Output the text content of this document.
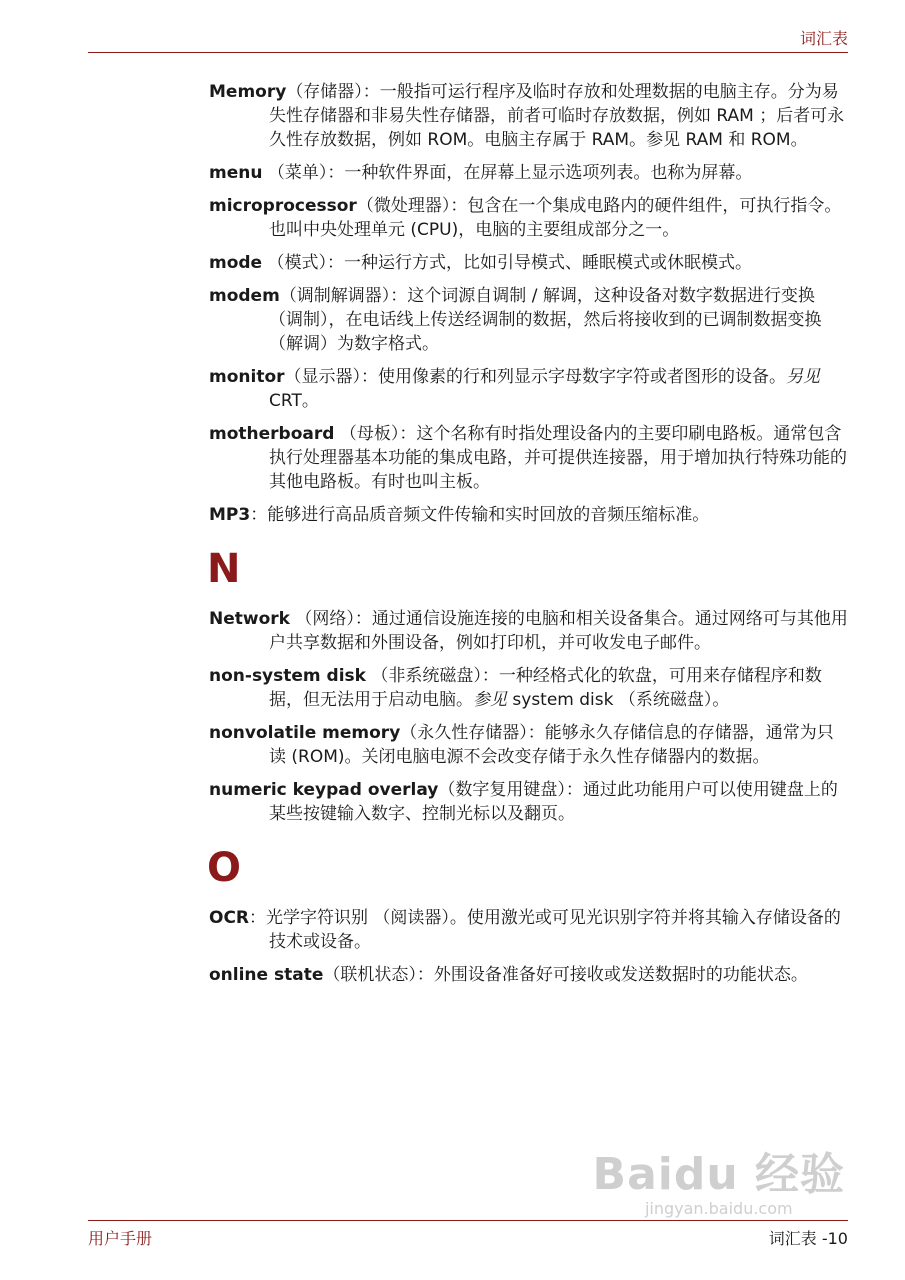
词汇表

Memory（存储器）：一般指可运行程序及临时存放和处理数据的电脑主存。分为易失性存储器和非易失性存储器，前者可临时存放数据，例如 RAM ；后者可永久性存放数据，例如 ROM。电脑主存属于 RAM。参见 RAM 和 ROM。

menu （菜单）：一种软件界面，在屏幕上显示选项列表。也称为屏幕。

microprocessor（微处理器）：包含在一个集成电路内的硬件组件，可执行指令。也叫中央处理单元 (CPU)，电脑的主要组成部分之一。

mode （模式）：一种运行方式，比如引导模式、睡眠模式或休眠模式。

modem（调制解调器）：这个词源自调制 / 解调，这种设备对数字数据进行变换 （调制），在电话线上传送经调制的数据，然后将接收到的已调制数据变换 （解调）为数字格式。

monitor（显示器）：使用像素的行和列显示字母数字字符或者图形的设备。另见 CRT。

motherboard （母板）：这个名称有时指处理设备内的主要印刷电路板。通常包含执行处理器基本功能的集成电路，并可提供连接器，用于增加执行特殊功能的其他电路板。有时也叫主板。

MP3：能够进行高品质音频文件传输和实时回放的音频压缩标准。

N

Network （网络）：通过通信设施连接的电脑和相关设备集合。通过网络可与其他用户共享数据和外围设备，例如打印机，并可收发电子邮件。

non-system disk （非系统磁盘）：一种经格式化的软盘，可用来存储程序和数据，但无法用于启动电脑。参见 system disk （系统磁盘）。

nonvolatile memory（永久性存储器）：能够永久存储信息的存储器，通常为只读 (ROM)。关闭电脑电源不会改变存储于永久性存储器内的数据。

numeric keypad overlay（数字复用键盘）：通过此功能用户可以使用键盘上的某些按键输入数字、控制光标以及翻页。

O

OCR：光学字符识别 （阅读器）。使用激光或可见光识别字符并将其输入存储设备的技术或设备。

online state（联机状态）：外围设备准备好可接收或发送数据时的功能状态。

Baidu 经验
jingyan.baidu.com
用户手册	词汇表 -10
